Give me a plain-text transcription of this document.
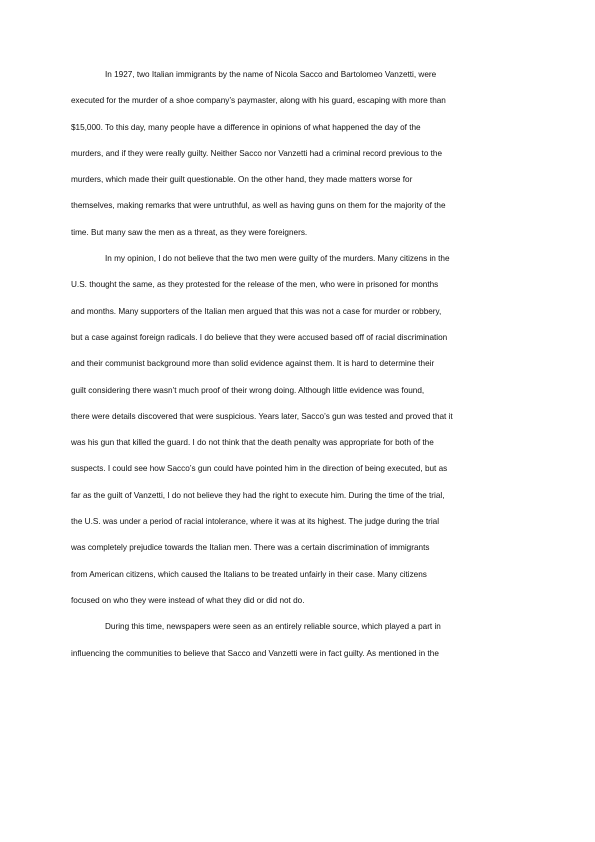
In 1927, two Italian immigrants by the name of Nicola Sacco and Bartolomeo Vanzetti, were
executed for the murder of a shoe company’s paymaster, along with his guard, escaping with more than
$15,000. To this day, many people have a difference in opinions of what happened the day of the
murders, and if they were really guilty. Neither Sacco nor Vanzetti had a criminal record previous to the
murders, which made their guilt questionable. On the other hand, they made matters worse for
themselves, making remarks that were untruthful, as well as having guns on them for the majority of the
time. But many saw the men as a threat, as they were foreigners.

In my opinion, I do not believe that the two men were guilty of the murders. Many citizens in the
U.S. thought the same, as they protested for the release of the men, who were in prisoned for months
and months. Many supporters of the Italian men argued that this was not a case for murder or robbery,
but a case against foreign radicals. I do believe that they were accused based off of racial discrimination
and their communist background more than solid evidence against them. It is hard to determine their
guilt considering there wasn’t much proof of their wrong doing. Although little evidence was found,
there were details discovered that were suspicious. Years later, Sacco’s gun was tested and proved that it
was his gun that killed the guard. I do not think that the death penalty was appropriate for both of the
suspects. I could see how Sacco’s gun could have pointed him in the direction of being executed, but as
far as the guilt of Vanzetti, I do not believe they had the right to execute him. During the time of the trial,
the U.S. was under a period of racial intolerance, where it was at its highest. The judge during the trial
was completely prejudice towards the Italian men. There was a certain discrimination of immigrants
from American citizens, which caused the Italians to be treated unfairly in their case. Many citizens
focused on who they were instead of what they did or did not do.

During this time, newspapers were seen as an entirely reliable source, which played a part in
influencing the communities to believe that Sacco and Vanzetti were in fact guilty. As mentioned in the
